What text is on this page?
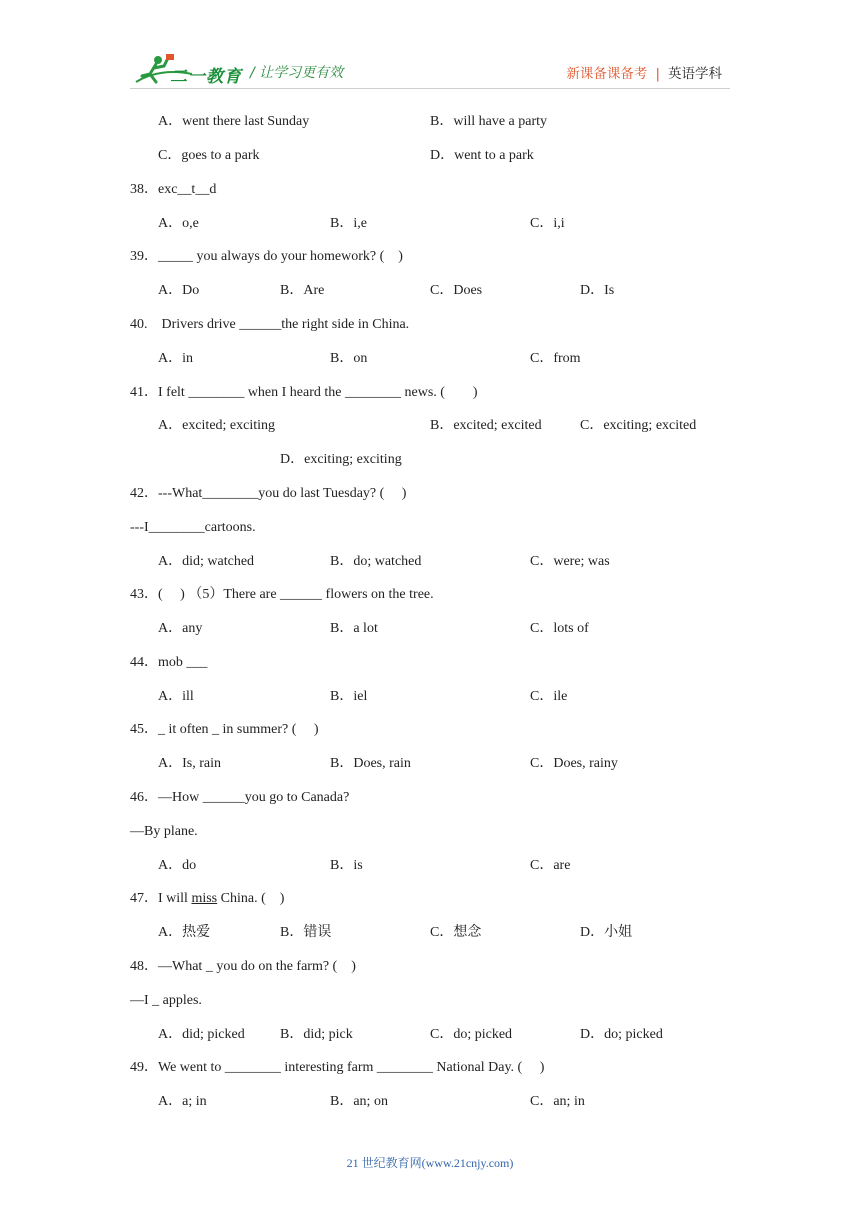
二一教育 / 让学习更有效	新课备课备考 | 英语学科
A．went there last Sunday	B．will have a party
C．goes to a park	D．went to a park
38．exc__t__d
A．o,e	B．i,e	C．i,i
39．_____ you always do your homework? (　)
A．Do	B．Are	C．Does	D．Is
40.　Drivers drive ______the right side in China.
A．in	B．on	C．from
41．I felt ________ when I heard the ________ news. (　　)
A．excited; exciting	B．excited; excited	C．exciting; excited
D．exciting; exciting
42．---What________you do last Tuesday? (　 )
---I________cartoons.
A．did; watched	B．do; watched	C．were; was
43．(　 ) （5）There are ______ flowers on the tree.
A．any	B．a lot	C．lots of
44．mob ___
A．ill	B．iel	C．ile
45．_ it often _ in summer? (　 )
A．Is, rain	B．Does, rain	C．Does, rainy
46．—How ______you go to Canada?
—By plane.
A．do	B．is	C．are
47．I will miss China. (　)
A．热爱	B．错误	C．想念	D．小姐
48．—What _ you do on the farm? (　)
—I _ apples.
A．did; picked	B．did; pick	C．do; picked	D．do; picked
49．We went to ________ interesting farm ________ National Day. (　 )
A．a; in	B．an; on	C．an; in
21 世纪教育网(www.21cnjy.com)
